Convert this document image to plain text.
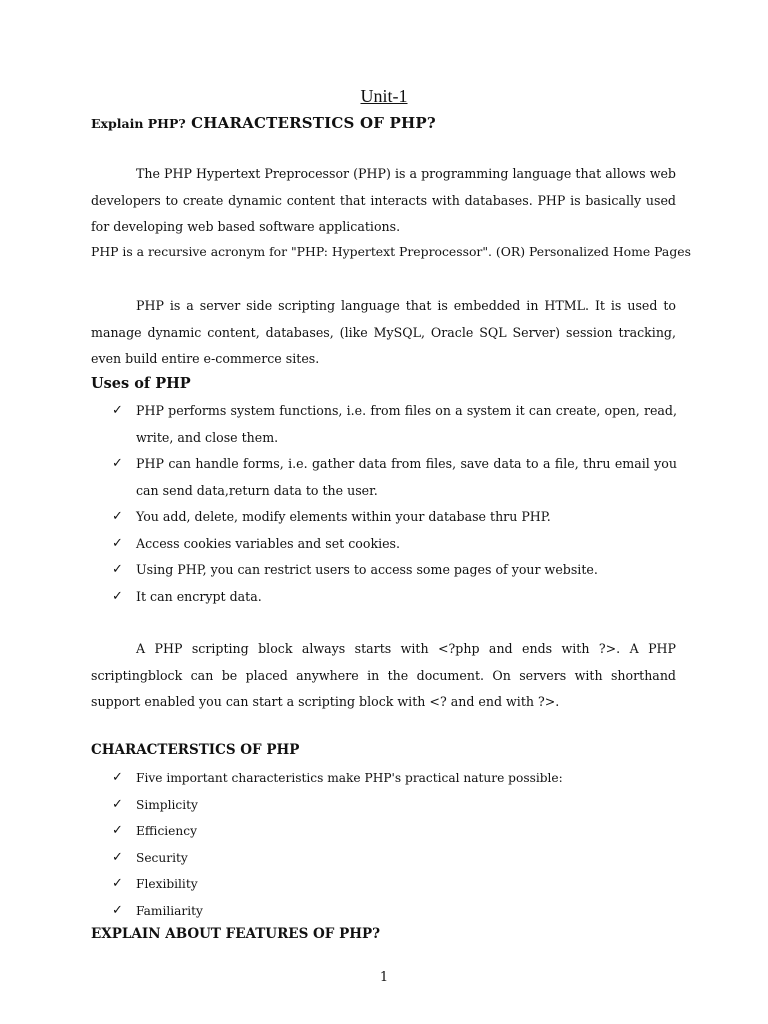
Unit-1
Explain PHP? CHARACTERSTICS OF PHP?
The PHP Hypertext Preprocessor (PHP) is a programming language that allows web developers to create dynamic content that interacts with databases. PHP is basically used for developing web based software applications.
PHP is a recursive acronym for "PHP: Hypertext Preprocessor". (OR) Personalized Home Pages
PHP is a server side scripting language that is embedded in HTML. It is used to manage dynamic content, databases, (like MySQL, Oracle SQL Server) session tracking, even build entire e-commerce sites.
Uses of PHP
✓ PHP performs system functions, i.e. from files on a system it can create, open, read, write, and close them.
✓ PHP can handle forms, i.e. gather data from files, save data to a file, thru email you can send data,return data to the user.
✓ You add, delete, modify elements within your database thru PHP.
✓ Access cookies variables and set cookies.
✓ Using PHP, you can restrict users to access some pages of your website.
✓ It can encrypt data.
A PHP scripting block always starts with <?php and ends with ?>. A PHP scriptingblock can be placed anywhere in the document. On servers with shorthand support enabled you can start a scripting block with <? and end with ?>.
CHARACTERSTICS OF PHP
✓ Five important characteristics make PHP's practical nature possible:
✓ Simplicity
✓ Efficiency
✓ Security
✓ Flexibility
✓ Familiarity
EXPLAIN ABOUT FEATURES OF PHP?
1
